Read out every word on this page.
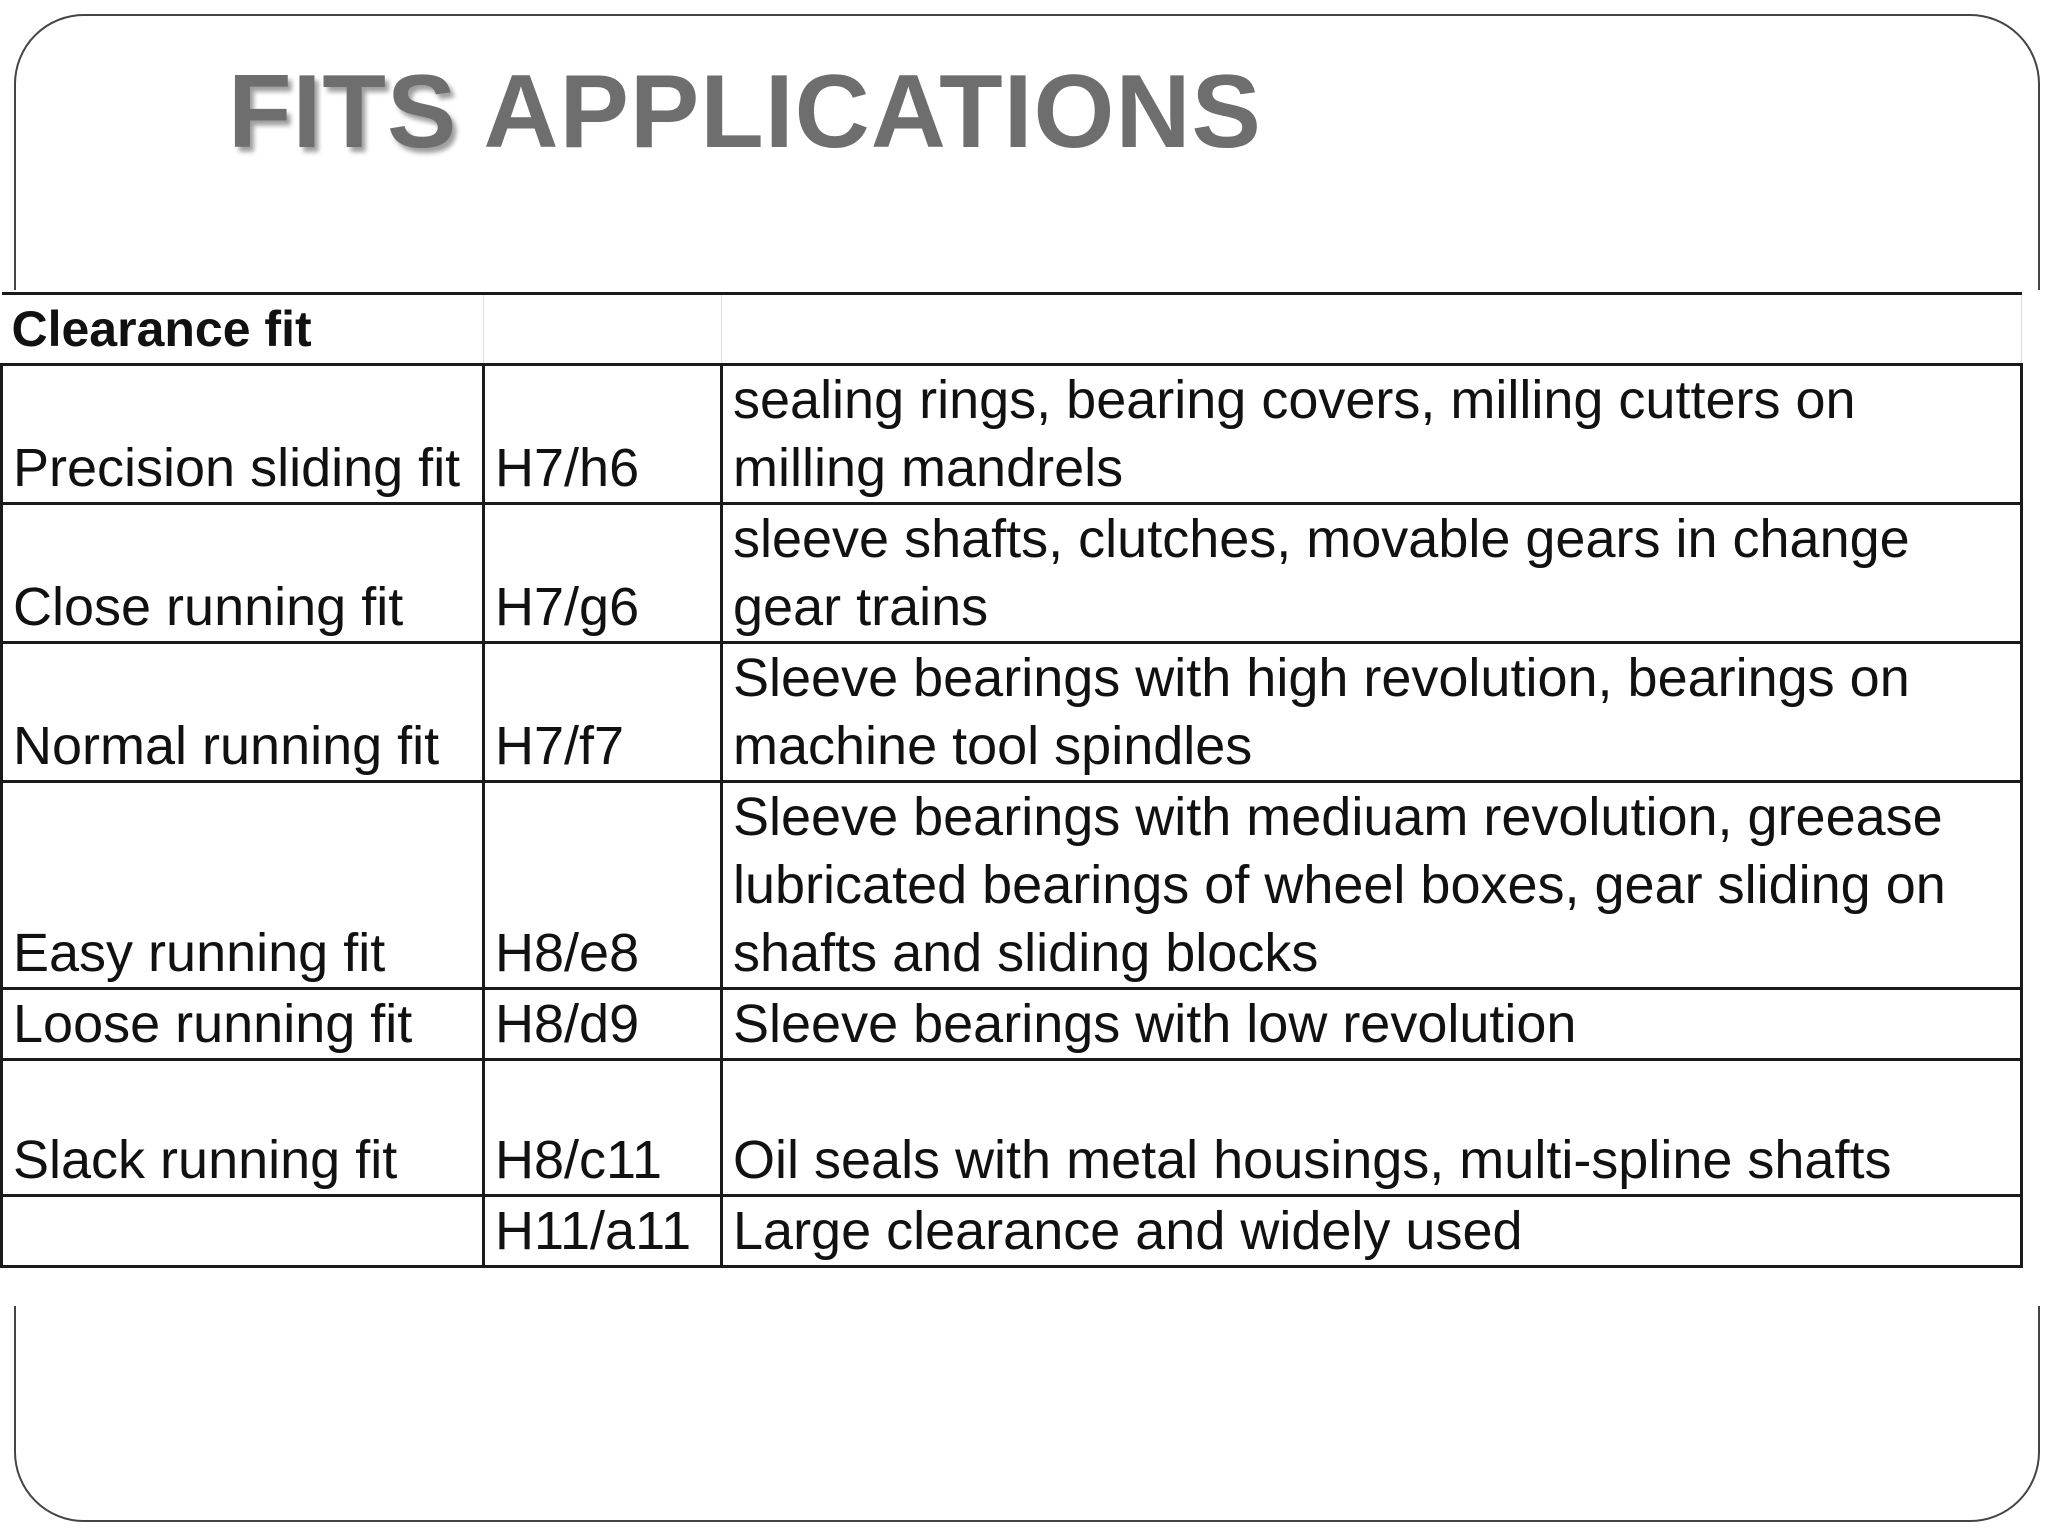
FITS APPLICATIONS
Clearance fit		
Precision sliding fit	H7/h6	sealing rings, bearing covers, milling cutters on milling mandrels
Close running fit	H7/g6	sleeve shafts, clutches, movable gears in change gear trains
Normal running fit	H7/f7	Sleeve bearings with high revolution, bearings on machine tool spindles
Easy running fit	H8/e8	Sleeve bearings with mediuam revolution, greease lubricated bearings of wheel boxes, gear sliding on shafts and sliding blocks
Loose running fit	H8/d9	Sleeve bearings with low revolution
Slack running fit	H8/c11	Oil seals with metal housings, multi-spline shafts
	H11/a11	Large clearance and widely used
